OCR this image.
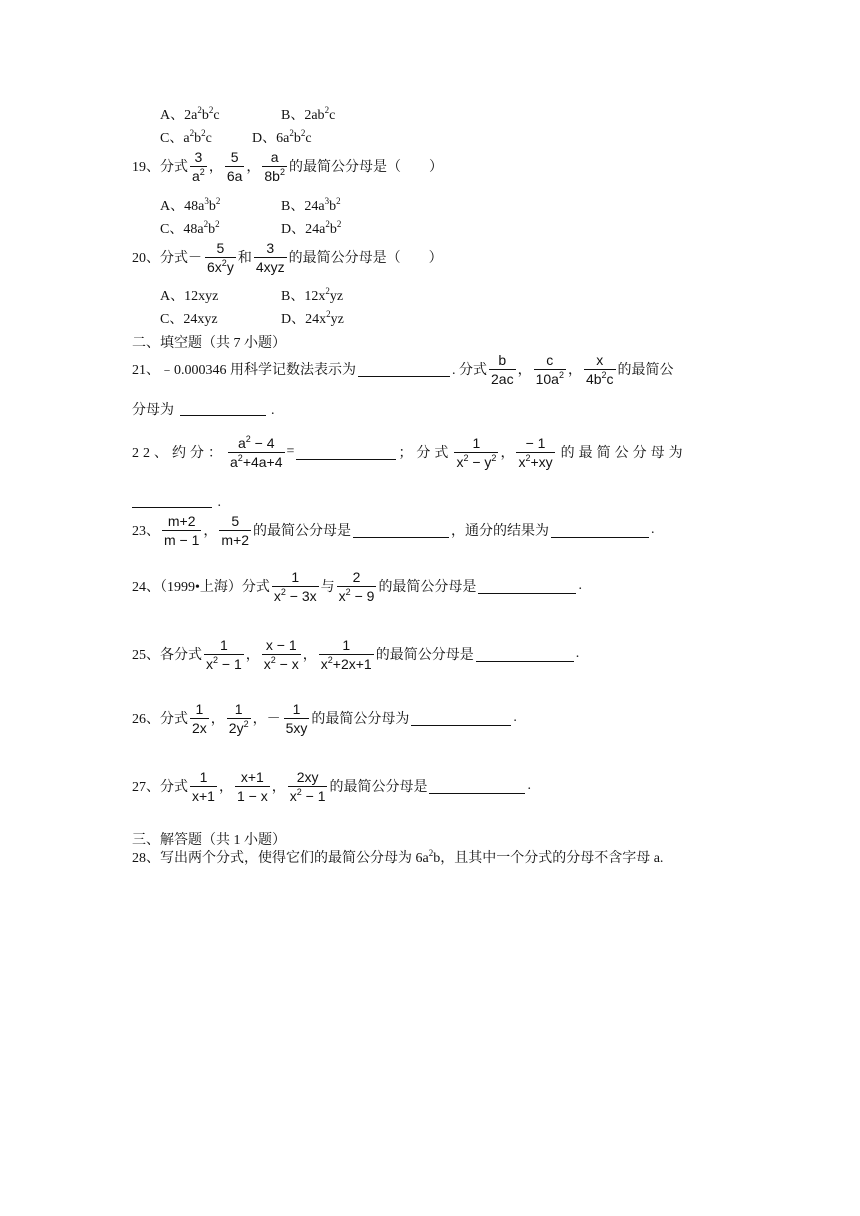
A、$2a^2b^2c$	B、$2ab^2c$
C、$a^2b^2c$	D、$6a^2b^2c$
19、分式 $\frac{3}{a^2}$ ， $\frac{5}{6a}$ ， $\frac{a}{8b^2}$ 的最简公分母是（　　）
A、$48a^3b^2$	B、$24a^3b^2$
C、$48a^2b^2$	D、$24a^2b^2$
20、分式 － $\frac{5}{6x^2y}$ 和 $\frac{3}{\text{4xyz}}$ 的最简公分母是（　　）
A、12xyz	B、$12x^2yz$
C、24xyz	D、$24x^2yz$
二、填空题（共 7 小题）
21、 ﹣0.000346 用科学记数法表示为	. 分式 $\frac{b}{2ac}$ ， $\frac{c}{10a^2}$ ， $\frac{x}{4b^2c}$ 的最简公
分母为	.
22、约分： $\frac{a^2 - 4}{a^2+4a+4}$ =	；分式 $\frac{1}{x^2 - y^2}$ ， $\frac{- 1}{x^2+xy}$ 的最简公分母为
.
23、 $\frac{m+2}{m - 1}$ ， $\frac{5}{m+2}$ 的最简公分母是	，通分的结果为	.
24、（1999•上海）分式 $\frac{1}{x^2 - 3x}$ 与 $\frac{2}{x^2 - 9}$ 的最简公分母是	.
25、各分式 $\frac{1}{x^2 - 1}$ ， $\frac{x - 1}{x^2 - x}$ ， $\frac{1}{x^2+2x+1}$ 的最简公分母是	.
26、分式 $\frac{1}{2x}$ ， $\frac{1}{2y^2}$ ， － $\frac{1}{5xy}$ 的最简公分母为	.
27、分式 $\frac{1}{x+1}$ ， $\frac{x+1}{1 - x}$ ， $\frac{2xy}{x^2 - 1}$ 的最简公分母是	.
三、解答题（共 1 小题）
28、写出两个分式，使得它们的最简公分母为 $6a^2b$，且其中一个分式的分母不含字母 a.
